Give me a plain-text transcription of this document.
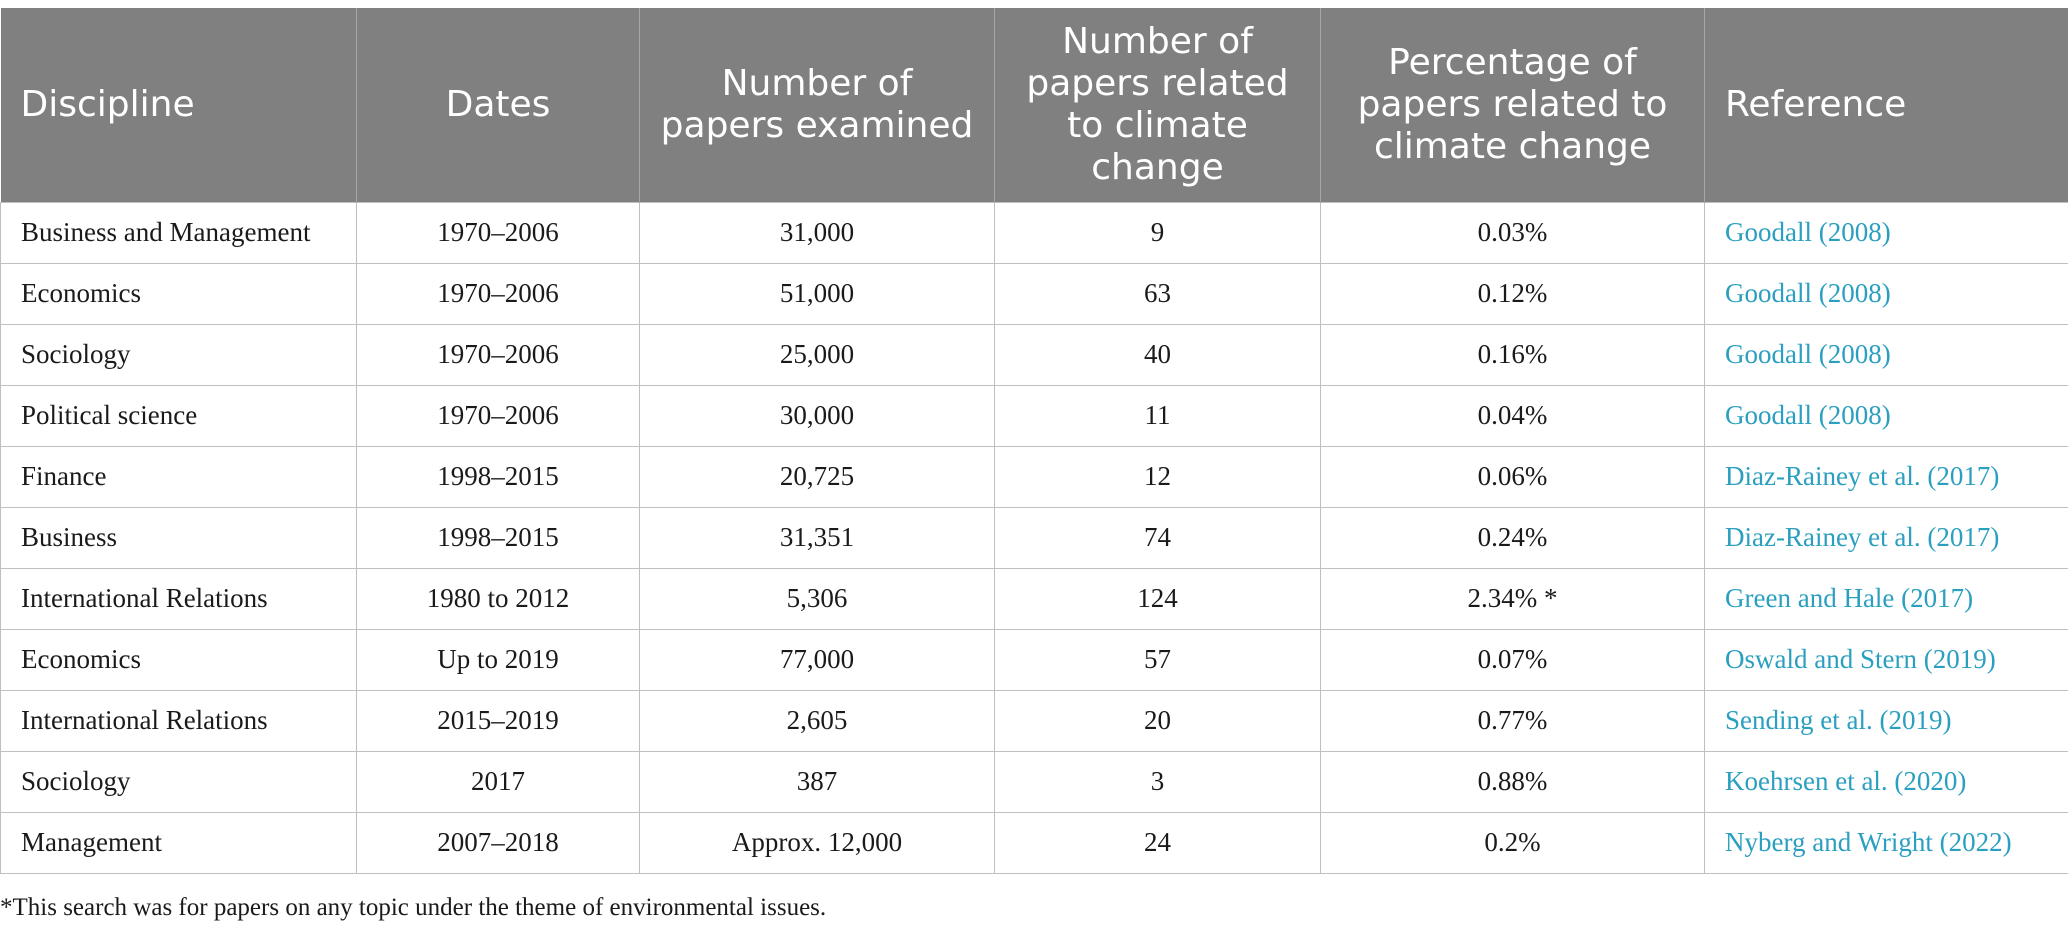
Discipline	Dates	Number of papers examined	Number of papers related to climate change	Percentage of papers related to climate change	Reference
Business and Management	1970–2006	31,000	9	0.03%	Goodall (2008)
Economics	1970–2006	51,000	63	0.12%	Goodall (2008)
Sociology	1970–2006	25,000	40	0.16%	Goodall (2008)
Political science	1970–2006	30,000	11	0.04%	Goodall (2008)
Finance	1998–2015	20,725	12	0.06%	Diaz-Rainey et al. (2017)
Business	1998–2015	31,351	74	0.24%	Diaz-Rainey et al. (2017)
International Relations	1980 to 2012	5,306	124	2.34% *	Green and Hale (2017)
Economics	Up to 2019	77,000	57	0.07%	Oswald and Stern (2019)
International Relations	2015–2019	2,605	20	0.77%	Sending et al. (2019)
Sociology	2017	387	3	0.88%	Koehrsen et al. (2020)
Management	2007–2018	Approx. 12,000	24	0.2%	Nyberg and Wright (2022)
*This search was for papers on any topic under the theme of environmental issues.
